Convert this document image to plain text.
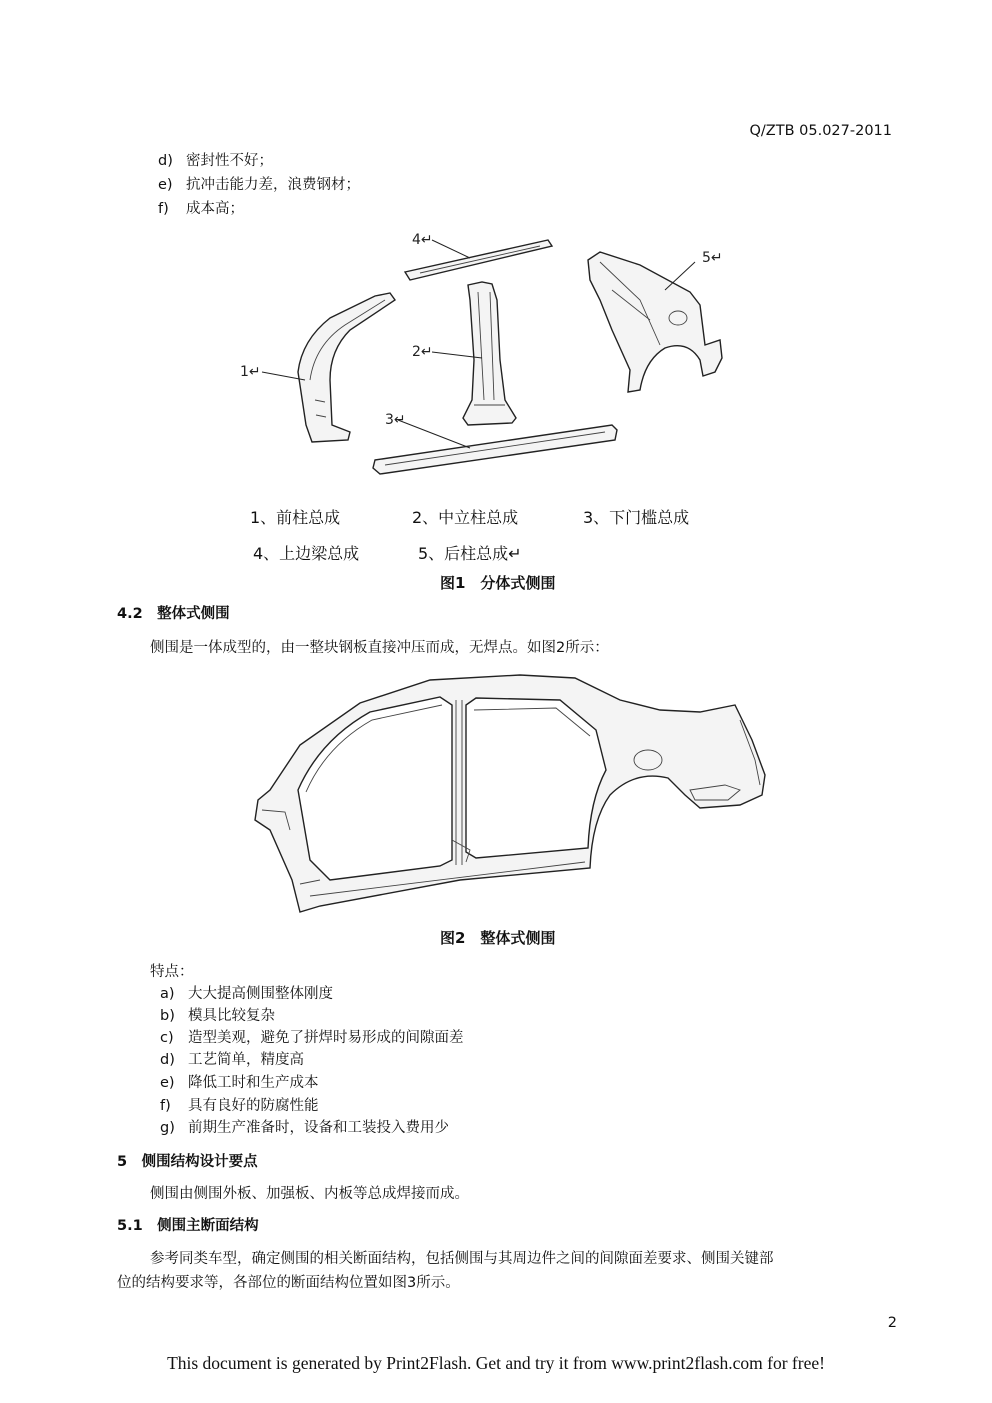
Q/ZTB 05.027-2011
d) 密封性不好；
e) 抗冲击能力差，浪费钢材；
f) 成本高；
1↵
2↵
3↵
4↵
5↵
1、前柱总成	2、中立柱总成	3、下门槛总成
4、上边梁总成	5、后柱总成↵
图1　分体式侧围
4.2　整体式侧围
侧围是一体成型的，由一整块钢板直接冲压而成，无焊点。如图2所示：
图2　整体式侧围
特点：
a) 大大提高侧围整体刚度
b) 模具比较复杂
c) 造型美观，避免了拼焊时易形成的间隙面差
d) 工艺简单，精度高
e) 降低工时和生产成本
f) 具有良好的防腐性能
g) 前期生产准备时，设备和工装投入费用少
5　侧围结构设计要点
侧围由侧围外板、加强板、内板等总成焊接而成。
5.1　侧围主断面结构
参考同类车型，确定侧围的相关断面结构，包括侧围与其周边件之间的间隙面差要求、侧围关键部
位的结构要求等，各部位的断面结构位置如图3所示。
2
This document is generated by Print2Flash. Get and try it from www.print2flash.com for free!
